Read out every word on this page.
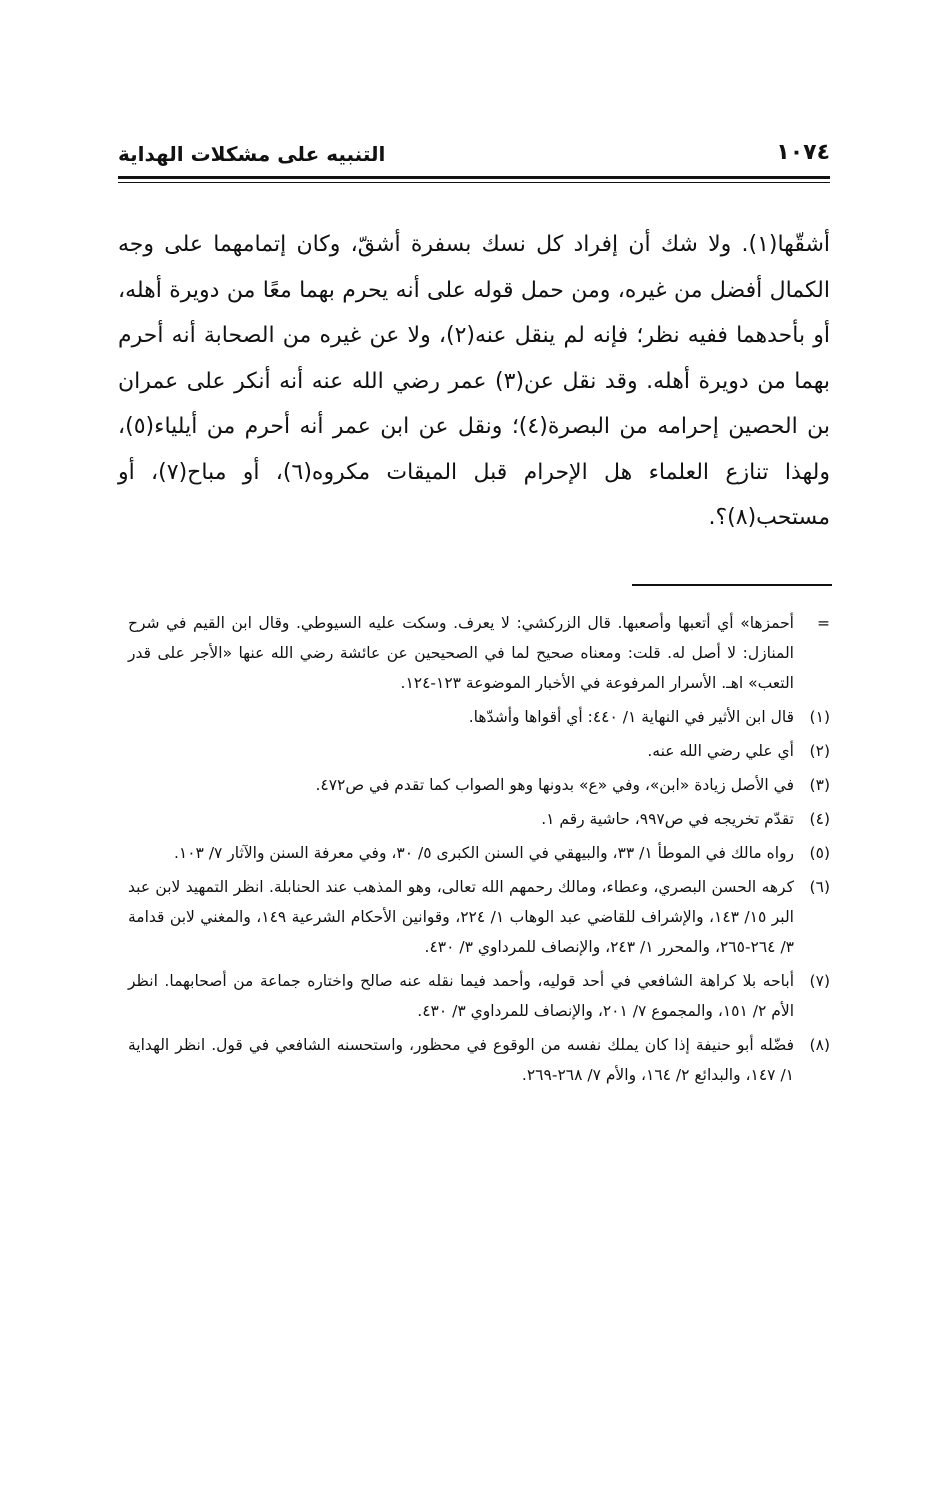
١٠٧٤
التنبيه على مشكلات الهداية

أشقّها(١). ولا شك أن إفراد كل نسك بسفرة أشقّ، وكان إتمامهما على وجه الكمال أفضل من غيره، ومن حمل قوله على أنه يحرم بهما معًا من دويرة أهله، أو بأحدهما ففيه نظر؛ فإنه لم ينقل عنه(٢)، ولا عن غيره من الصحابة أنه أحرم بهما من دويرة أهله. وقد نقل عن(٣) عمر رضي الله عنه أنه أنكر على عمران بن الحصين إحرامه من البصرة(٤)؛ ونقل عن ابن عمر أنه أحرم من أيلياء(٥)، ولهذا تنازع العلماء هل الإحرام قبل الميقات مكروه(٦)، أو مباح(٧)، أو مستحب(٨)؟.

=
أحمزها» أي أتعبها وأصعبها. قال الزركشي: لا يعرف. وسكت عليه السيوطي. وقال ابن القيم في شرح المنازل: لا أصل له. قلت: ومعناه صحيح لما في الصحيحين عن عائشة رضي الله عنها «الأجر على قدر التعب» اهـ. الأسرار المرفوعة في الأخبار الموضوعة ١٢٣-١٢٤.
(١)
قال ابن الأثير في النهاية ١/ ٤٤٠: أي أقواها وأشدّها.
(٢)
أي علي رضي الله عنه.
(٣)
في الأصل زيادة «ابن»، وفي «ع» بدونها وهو الصواب كما تقدم في ص٤٧٢.
(٤)
تقدّم تخريجه في ص٩٩٧، حاشية رقم ١.
(٥)
رواه مالك في الموطأ ١/ ٣٣، والبيهقي في السنن الكبرى ٥/ ٣٠، وفي معرفة السنن والآثار ٧/ ١٠٣.
(٦)
كرهه الحسن البصري، وعطاء، ومالك رحمهم الله تعالى، وهو المذهب عند الحنابلة. انظر التمهيد لابن عبد البر ١٥/ ١٤٣، والإشراف للقاضي عبد الوهاب ١/ ٢٢٤، وقوانين الأحكام الشرعية ١٤٩، والمغني لابن قدامة ٣/ ٢٦٤-٢٦٥، والمحرر ١/ ٢٤٣، والإنصاف للمرداوي ٣/ ٤٣٠.
(٧)
أباحه بلا كراهة الشافعي في أحد قوليه، وأحمد فيما نقله عنه صالح واختاره جماعة من أصحابهما. انظر الأم ٢/ ١٥١، والمجموع ٧/ ٢٠١، والإنصاف للمرداوي ٣/ ٤٣٠.
(٨)
فضّله أبو حنيفة إذا كان يملك نفسه من الوقوع في محظور، واستحسنه الشافعي في قول. انظر الهداية ١/ ١٤٧، والبدائع ٢/ ١٦٤، والأم ٧/ ٢٦٨-٢٦٩.
